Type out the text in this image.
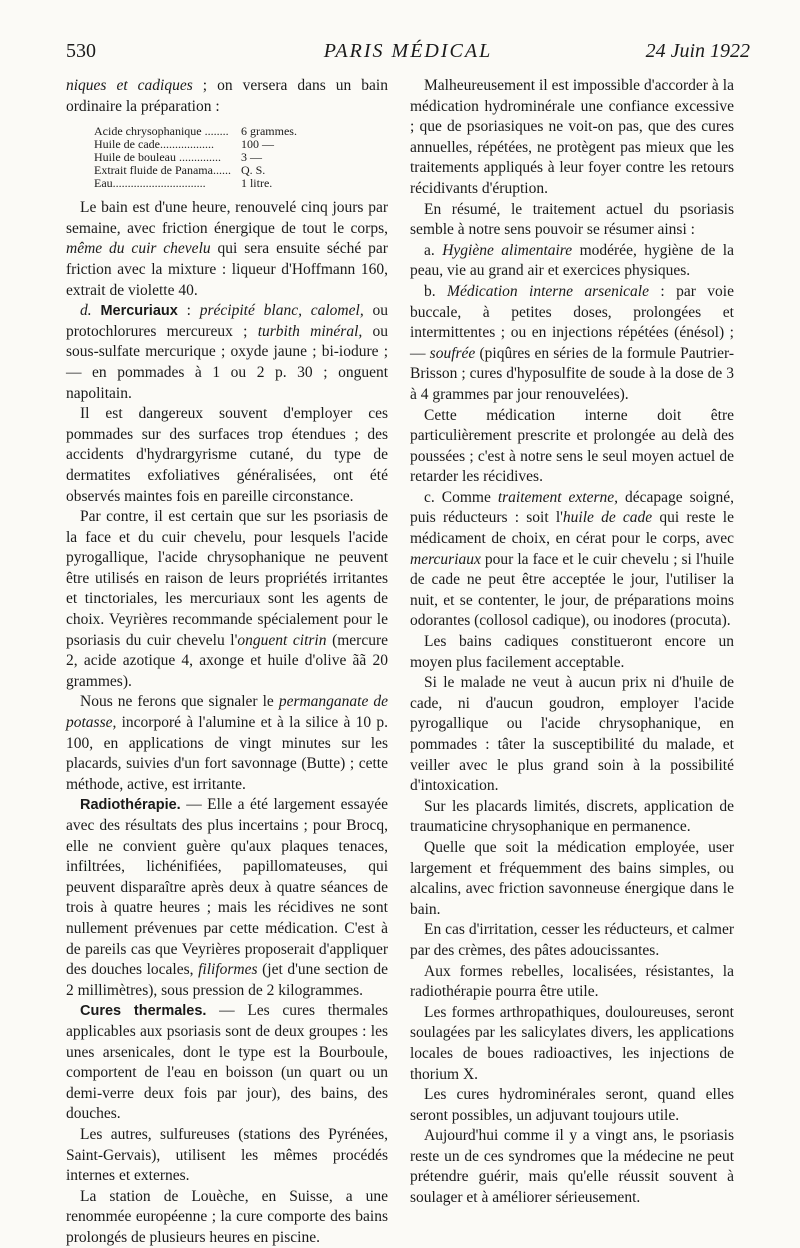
530	PARIS MÉDICAL	24 Juin 1922

niques et cadiques ; on versera dans un bain ordinaire la préparation :

Acide chrysophanique ........	6 grammes.
Huile de cade..................	100 —
Huile de bouleau ..............	3 —
Extrait fluide de Panama......	Q. S.
Eau...............................	1 litre.

Le bain est d'une heure, renouvelé cinq jours par semaine, avec friction énergique de tout le corps, même du cuir chevelu qui sera ensuite séché par friction avec la mixture : liqueur d'Hoffmann 160, extrait de violette 40.

d. Mercuriaux : précipité blanc, calomel, ou protochlorures mercureux ; turbith minéral, ou sous-sulfate mercurique ; oxyde jaune ; bi-iodure ; — en pommades à 1 ou 2 p. 30 ; onguent napolitain.

Il est dangereux souvent d'employer ces pommades sur des surfaces trop étendues ; des accidents d'hydrargyrisme cutané, du type de dermatites exfoliatives généralisées, ont été observés maintes fois en pareille circonstance.

Par contre, il est certain que sur les psoriasis de la face et du cuir chevelu, pour lesquels l'acide pyrogallique, l'acide chrysophanique ne peuvent être utilisés en raison de leurs propriétés irritantes et tinctoriales, les mercuriaux sont les agents de choix. Veyrières recommande spécialement pour le psoriasis du cuir chevelu l'onguent citrin (mercure 2, acide azotique 4, axonge et huile d'olive ãã 20 grammes).

Nous ne ferons que signaler le permanganate de potasse, incorporé à l'alumine et à la silice à 10 p. 100, en applications de vingt minutes sur les placards, suivies d'un fort savonnage (Butte) ; cette méthode, active, est irritante.

Radiothérapie. — Elle a été largement essayée avec des résultats des plus incertains ; pour Brocq, elle ne convient guère qu'aux plaques tenaces, infiltrées, lichénifiées, papillomateuses, qui peuvent disparaître après deux à quatre séances de trois à quatre heures ; mais les récidives ne sont nullement prévenues par cette médication. C'est à de pareils cas que Veyrières proposerait d'appliquer des douches locales, filiformes (jet d'une section de 2 millimètres), sous pression de 2 kilogrammes.

Cures thermales. — Les cures thermales applicables aux psoriasis sont de deux groupes : les unes arsenicales, dont le type est la Bourboule, comportent de l'eau en boisson (un quart ou un demi-verre deux fois par jour), des bains, des douches.

Les autres, sulfureuses (stations des Pyrénées, Saint-Gervais), utilisent les mêmes procédés internes et externes.

La station de Louèche, en Suisse, a une renommée européenne ; la cure comporte des bains prolongés de plusieurs heures en piscine.

Malheureusement il est impossible d'accorder à la médication hydrominérale une confiance excessive ; que de psoriasiques ne voit-on pas, que des cures annuelles, répétées, ne protègent pas mieux que les traitements appliqués à leur foyer contre les retours récidivants d'éruption.

En résumé, le traitement actuel du psoriasis semble à notre sens pouvoir se résumer ainsi :

a. Hygiène alimentaire modérée, hygiène de la peau, vie au grand air et exercices physiques.

b. Médication interne arsenicale : par voie buccale, à petites doses, prolongées et intermittentes ; ou en injections répétées (énésol) ; — soufrée (piqûres en séries de la formule Pautrier-Brisson ; cures d'hyposulfite de soude à la dose de 3 à 4 grammes par jour renouvelées).

Cette médication interne doit être particulièrement prescrite et prolongée au delà des poussées ; c'est à notre sens le seul moyen actuel de retarder les récidives.

c. Comme traitement externe, décapage soigné, puis réducteurs : soit l'huile de cade qui reste le médicament de choix, en cérat pour le corps, avec mercuriaux pour la face et le cuir chevelu ; si l'huile de cade ne peut être acceptée le jour, l'utiliser la nuit, et se contenter, le jour, de préparations moins odorantes (collosol cadique), ou inodores (procuta).

Les bains cadiques constitueront encore un moyen plus facilement acceptable.

Si le malade ne veut à aucun prix ni d'huile de cade, ni d'aucun goudron, employer l'acide pyrogallique ou l'acide chrysophanique, en pommades : tâter la susceptibilité du malade, et veiller avec le plus grand soin à la possibilité d'intoxication.

Sur les placards limités, discrets, application de traumaticine chrysophanique en permanence.

Quelle que soit la médication employée, user largement et fréquemment des bains simples, ou alcalins, avec friction savonneuse énergique dans le bain.

En cas d'irritation, cesser les réducteurs, et calmer par des crèmes, des pâtes adoucissantes.

Aux formes rebelles, localisées, résistantes, la radiothérapie pourra être utile.

Les formes arthropathiques, douloureuses, seront soulagées par les salicylates divers, les applications locales de boues radioactives, les injections de thorium X.

Les cures hydrominérales seront, quand elles seront possibles, un adjuvant toujours utile.

Aujourd'hui comme il y a vingt ans, le psoriasis reste un de ces syndromes que la médecine ne peut prétendre guérir, mais qu'elle réussit souvent à soulager et à améliorer sérieusement.
